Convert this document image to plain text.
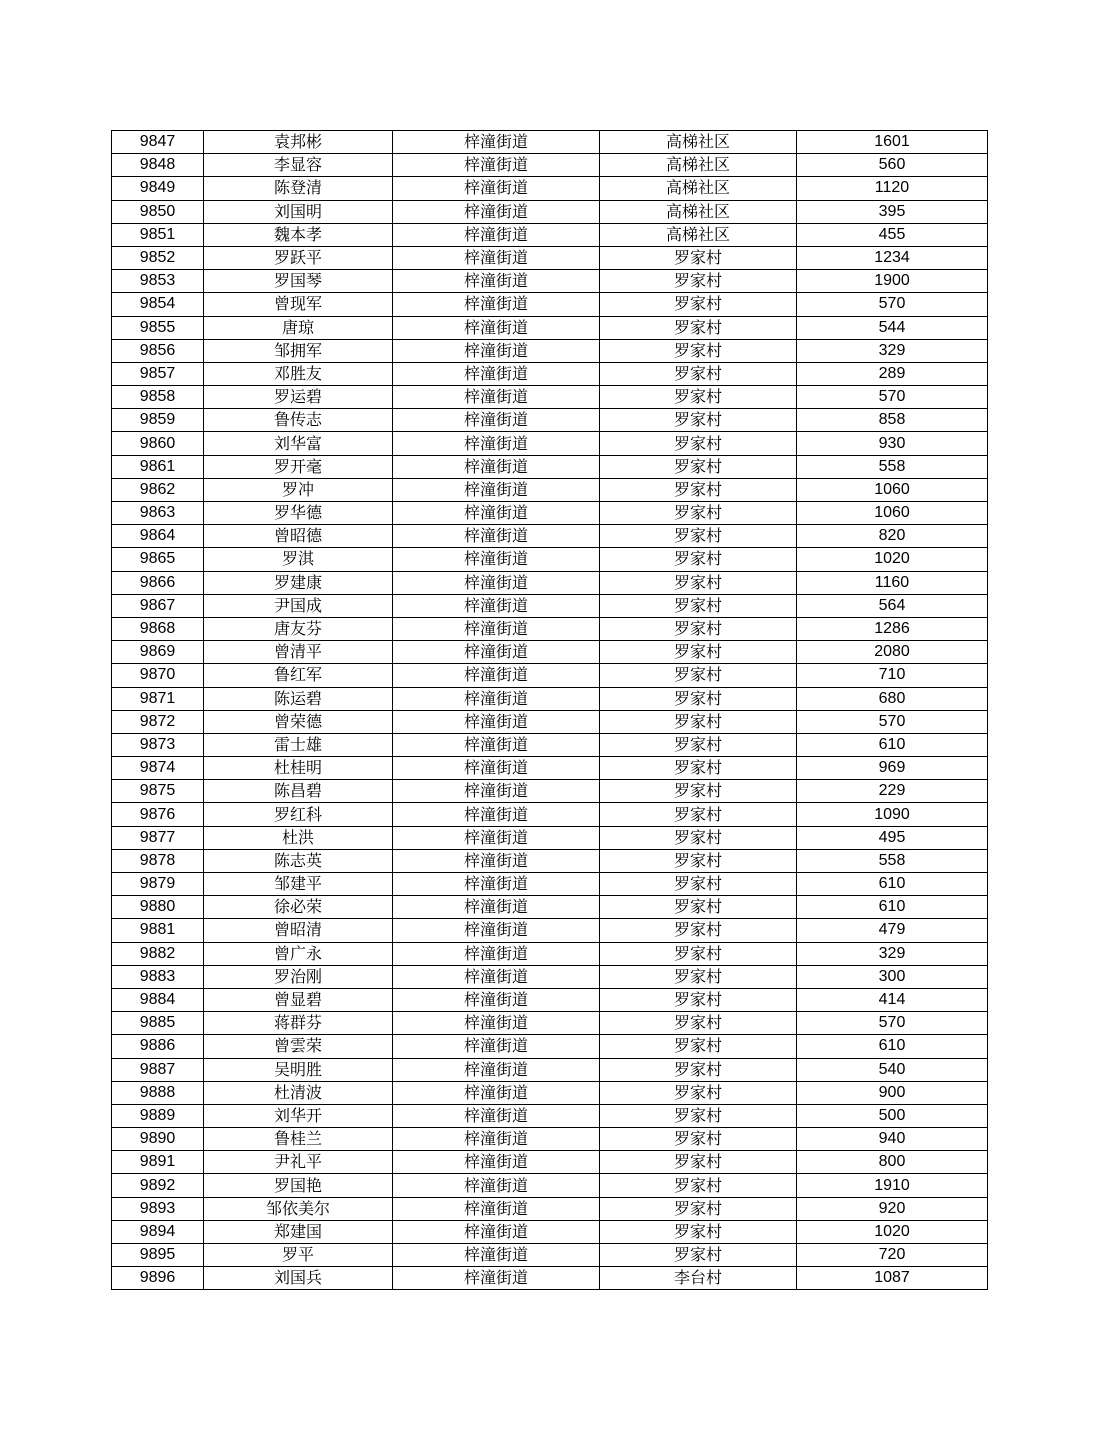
9847	袁邦彬	梓潼街道	高梯社区	1601
9848	李显容	梓潼街道	高梯社区	560
9849	陈登清	梓潼街道	高梯社区	1120
9850	刘国明	梓潼街道	高梯社区	395
9851	魏本孝	梓潼街道	高梯社区	455
9852	罗跃平	梓潼街道	罗家村	1234
9853	罗国琴	梓潼街道	罗家村	1900
9854	曾现军	梓潼街道	罗家村	570
9855	唐琼	梓潼街道	罗家村	544
9856	邹拥军	梓潼街道	罗家村	329
9857	邓胜友	梓潼街道	罗家村	289
9858	罗运碧	梓潼街道	罗家村	570
9859	鲁传志	梓潼街道	罗家村	858
9860	刘华富	梓潼街道	罗家村	930
9861	罗开毫	梓潼街道	罗家村	558
9862	罗冲	梓潼街道	罗家村	1060
9863	罗华德	梓潼街道	罗家村	1060
9864	曾昭德	梓潼街道	罗家村	820
9865	罗淇	梓潼街道	罗家村	1020
9866	罗建康	梓潼街道	罗家村	1160
9867	尹国成	梓潼街道	罗家村	564
9868	唐友芬	梓潼街道	罗家村	1286
9869	曾清平	梓潼街道	罗家村	2080
9870	鲁红军	梓潼街道	罗家村	710
9871	陈运碧	梓潼街道	罗家村	680
9872	曾荣德	梓潼街道	罗家村	570
9873	雷士雄	梓潼街道	罗家村	610
9874	杜桂明	梓潼街道	罗家村	969
9875	陈昌碧	梓潼街道	罗家村	229
9876	罗红科	梓潼街道	罗家村	1090
9877	杜洪	梓潼街道	罗家村	495
9878	陈志英	梓潼街道	罗家村	558
9879	邹建平	梓潼街道	罗家村	610
9880	徐必荣	梓潼街道	罗家村	610
9881	曾昭清	梓潼街道	罗家村	479
9882	曾广永	梓潼街道	罗家村	329
9883	罗治刚	梓潼街道	罗家村	300
9884	曾显碧	梓潼街道	罗家村	414
9885	蒋群芬	梓潼街道	罗家村	570
9886	曾雲荣	梓潼街道	罗家村	610
9887	吴明胜	梓潼街道	罗家村	540
9888	杜清波	梓潼街道	罗家村	900
9889	刘华开	梓潼街道	罗家村	500
9890	鲁桂兰	梓潼街道	罗家村	940
9891	尹礼平	梓潼街道	罗家村	800
9892	罗国艳	梓潼街道	罗家村	1910
9893	邹依美尔	梓潼街道	罗家村	920
9894	郑建国	梓潼街道	罗家村	1020
9895	罗平	梓潼街道	罗家村	720
9896	刘国兵	梓潼街道	李台村	1087
